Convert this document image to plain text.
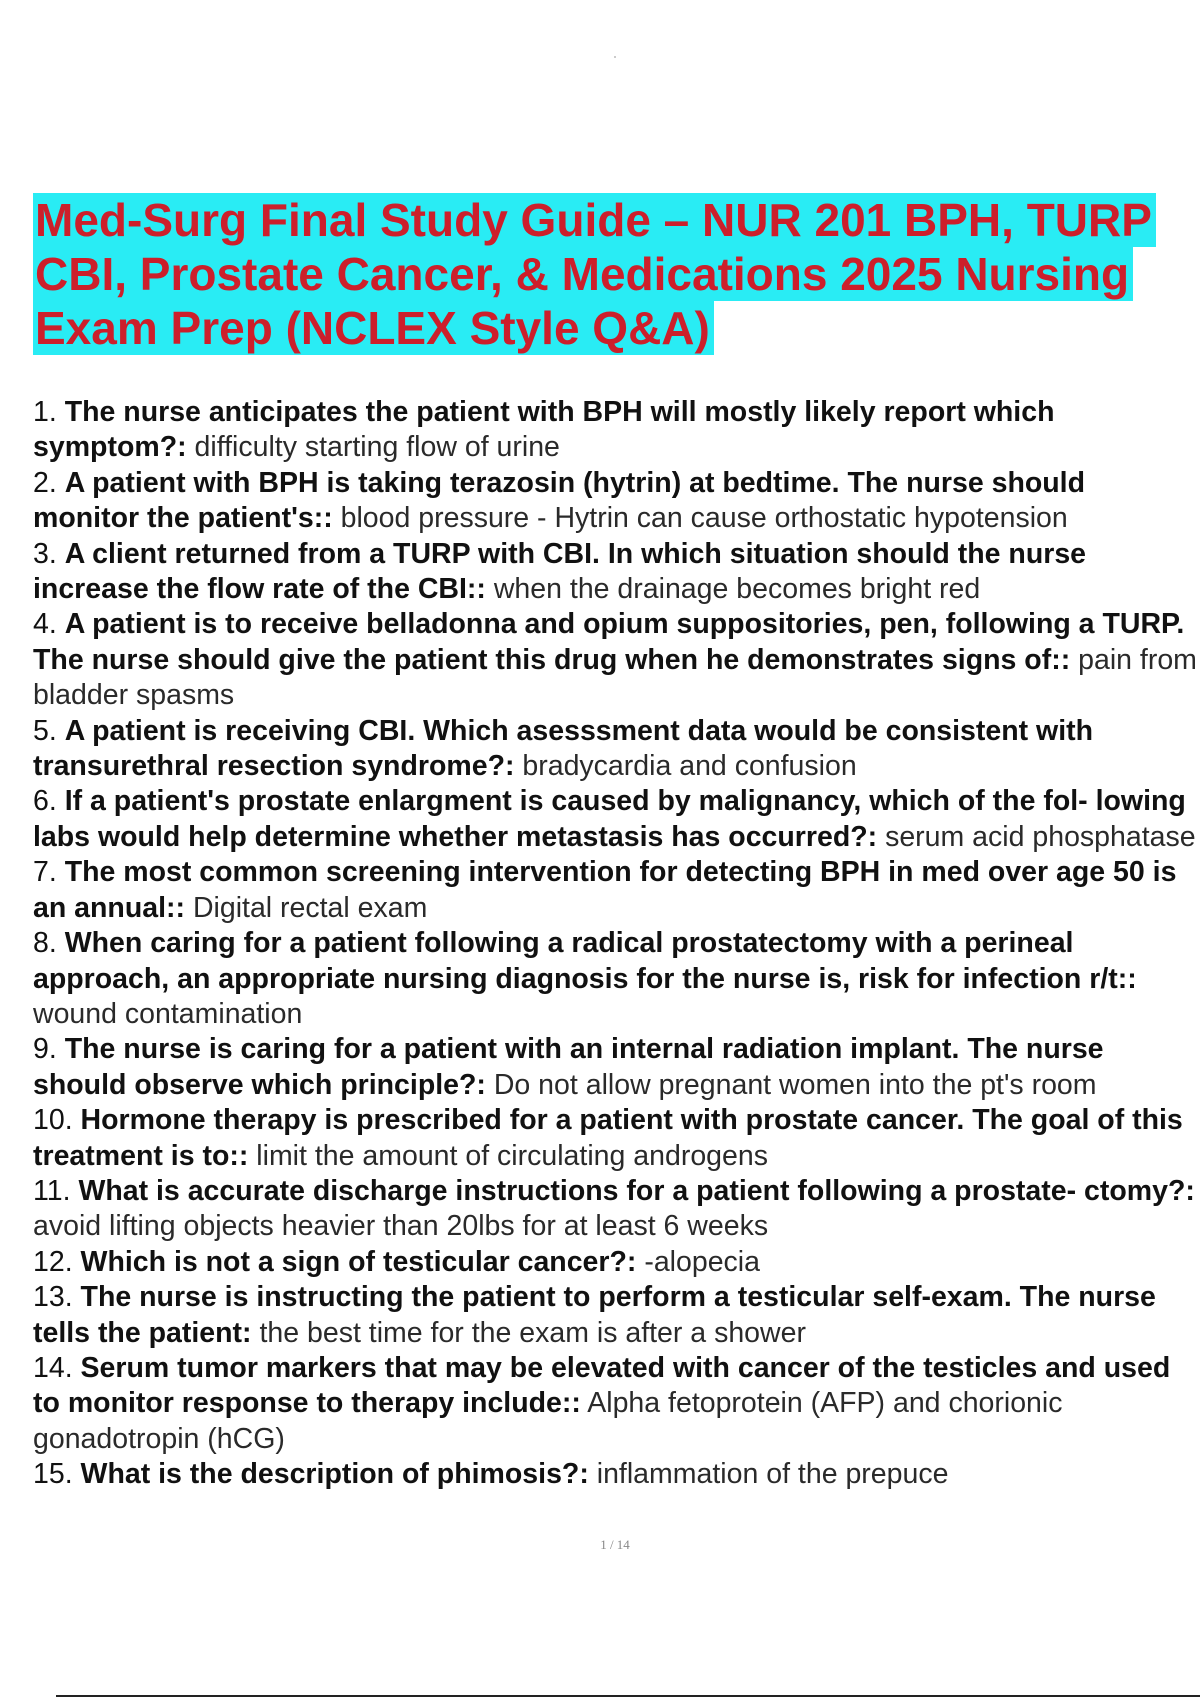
Med-Surg Final Study Guide – NUR 201 BPH, TURP
CBI, Prostate Cancer, & Medications 2025 Nursing
Exam Prep (NCLEX Style Q&A)

1. The nurse anticipates the patient with BPH will mostly likely report which symptom?: difficulty starting flow of urine

2. A patient with BPH is taking terazosin (hytrin) at bedtime. The nurse should monitor the patient's:: blood pressure - Hytrin can cause orthostatic hypotension

3. A client returned from a TURP with CBI. In which situation should the nurse increase the flow rate of the CBI:: when the drainage becomes bright red

4. A patient is to receive belladonna and opium suppositories, pen, following a TURP. The nurse should give the patient this drug when he demonstrates signs of:: pain from bladder spasms

5. A patient is receiving CBI. Which asesssment data would be consistent with transurethral resection syndrome?: bradycardia and confusion

6. If a patient's prostate enlargment is caused by malignancy, which of the fol- lowing labs would help determine whether metastasis has occurred?: serum acid phosphatase

7. The most common screening intervention for detecting BPH in med over age 50 is an annual:: Digital rectal exam

8. When caring for a patient following a radical prostatectomy with a perineal approach, an appropriate nursing diagnosis for the nurse is, risk for infection r/t:: wound contamination

9. The nurse is caring for a patient with an internal radiation implant. The nurse should observe which principle?: Do not allow pregnant women into the pt's room

10. Hormone therapy is prescribed for a patient with prostate cancer. The goal of this treatment is to:: limit the amount of circulating androgens

11. What is accurate discharge instructions for a patient following a prostate- ctomy?: avoid lifting objects heavier than 20lbs for at least 6 weeks

12. Which is not a sign of testicular cancer?: -alopecia

13. The nurse is instructing the patient to perform a testicular self-exam. The nurse tells the patient: the best time for the exam is after a shower

14. Serum tumor markers that may be elevated with cancer of the testicles and used to monitor response to therapy include:: Alpha fetoprotein (AFP) and chorionic gonadotropin (hCG)

15. What is the description of phimosis?: inflammation of the prepuce

1 / 14
